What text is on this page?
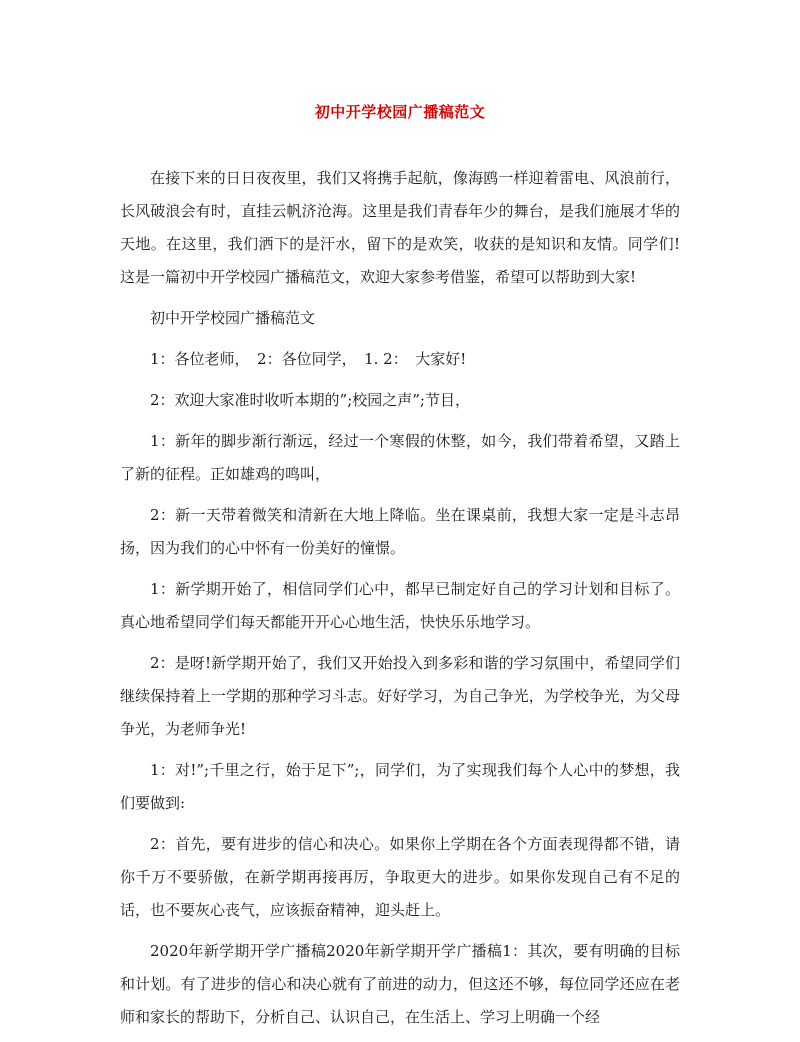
初中开学校园广播稿范文

在接下来的日日夜夜里，我们又将携手起航，像海鸥一样迎着雷电、风浪前行，长风破浪会有时，直挂云帆济沧海。这里是我们青春年少的舞台，是我们施展才华的天地。在这里，我们洒下的是汗水，留下的是欢笑，收获的是知识和友情。同学们!这是一篇初中开学校园广播稿范文，欢迎大家参考借鉴，希望可以帮助到大家!

初中开学校园广播稿范文

1：各位老师，　2：各位同学，　1. 2：　大家好!

2：欢迎大家准时收听本期的”;校园之声”;节目，

1：新年的脚步渐行渐远，经过一个寒假的休整，如今，我们带着希望，又踏上了新的征程。正如雄鸡的鸣叫，

2：新一天带着微笑和清新在大地上降临。坐在课桌前，我想大家一定是斗志昂扬，因为我们的心中怀有一份美好的憧憬。

1：新学期开始了，相信同学们心中，都早已制定好自己的学习计划和目标了。真心地希望同学们每天都能开开心心地生活，快快乐乐地学习。

2：是呀!新学期开始了，我们又开始投入到多彩和谐的学习氛围中，希望同学们继续保持着上一学期的那种学习斗志。好好学习，为自己争光，为学校争光，为父母争光，为老师争光!

1：对!”;千里之行，始于足下”;，同学们，为了实现我们每个人心中的梦想，我们要做到:

2：首先，要有进步的信心和决心。如果你上学期在各个方面表现得都不错，请你千万不要骄傲，在新学期再接再厉，争取更大的进步。如果你发现自己有不足的话，也不要灰心丧气，应该振奋精神，迎头赶上。

2020年新学期开学广播稿2020年新学期开学广播稿1：其次，要有明确的目标和计划。有了进步的信心和决心就有了前进的动力，但这还不够，每位同学还应在老师和家长的帮助下，分析自己、认识自己，在生活上、学习上明确一个经
